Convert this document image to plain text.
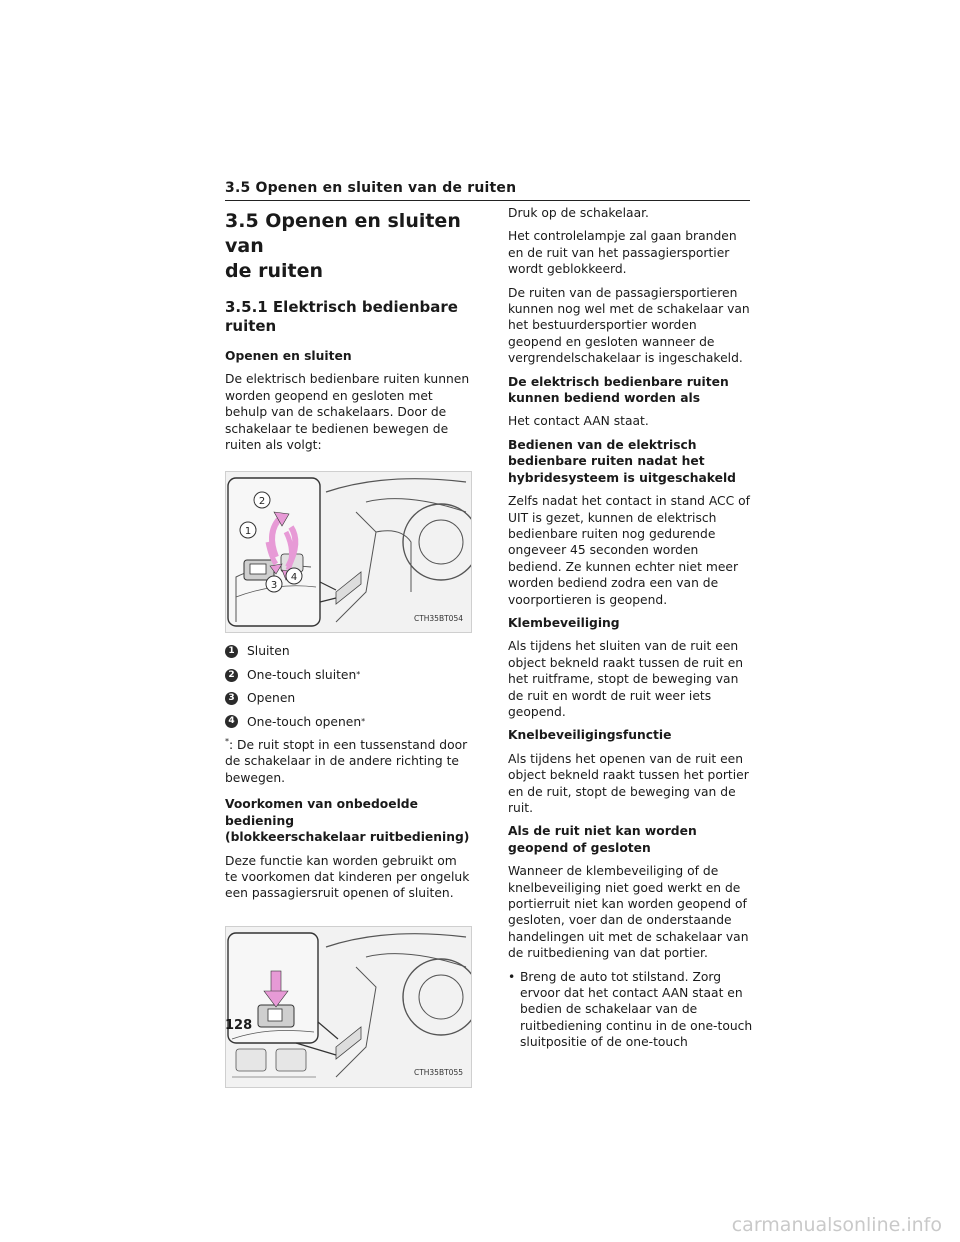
3.5 Openen en sluiten van de ruiten
3.5 Openen en sluiten van
de ruiten
3.5.1 Elektrisch bedienbare
ruiten
Openen en sluiten

De elektrisch bedienbare ruiten kunnen worden geopend en gesloten met behulp van de schakelaars. Door de schakelaar te bedienen bewegen de ruiten als volgt:

1
2
3
4
CTH35BT054
1 Sluiten
2 One-touch sluiten *
3 Openen
4 One-touch openen *

*: De ruit stopt in een tussenstand door de schakelaar in de andere richting te bewegen.

Voorkomen van onbedoelde bediening
(blokkeerschakelaar ruitbediening)

Deze functie kan worden gebruikt om te voorkomen dat kinderen per ongeluk een passagiersruit openen of sluiten.

CTH35BT055

Druk op de schakelaar.

Het controlelampje zal gaan branden en de ruit van het passagiersportier wordt geblokkeerd.

De ruiten van de passagiersportieren kunnen nog wel met de schakelaar van het bestuurdersportier worden geopend en gesloten wanneer de vergrendelschakelaar is ingeschakeld.

De elektrisch bedienbare ruiten kunnen bediend worden als

Het contact AAN staat.

Bedienen van de elektrisch bedienbare ruiten nadat het hybridesysteem is uitgeschakeld

Zelfs nadat het contact in stand ACC of UIT is gezet, kunnen de elektrisch bedienbare ruiten nog gedurende ongeveer 45 seconden worden bediend. Ze kunnen echter niet meer worden bediend zodra een van de voorportieren is geopend.

Klembeveiliging

Als tijdens het sluiten van de ruit een object bekneld raakt tussen de ruit en het ruitframe, stopt de beweging van de ruit en wordt de ruit weer iets geopend.

Knelbeveiligingsfunctie

Als tijdens het openen van de ruit een object bekneld raakt tussen het portier en de ruit, stopt de beweging van de ruit.

Als de ruit niet kan worden geopend of gesloten

Wanneer de klembeveiliging of de knelbeveiliging niet goed werkt en de portierruit niet kan worden geopend of gesloten, voer dan de onderstaande handelingen uit met de schakelaar van de ruitbediening van dat portier.

• Breng de auto tot stilstand. Zorg ervoor dat het contact AAN staat en bedien de schakelaar van de ruitbediening continu in de one-touch sluitpositie of de one-touch
128
carmanualsonline.info
